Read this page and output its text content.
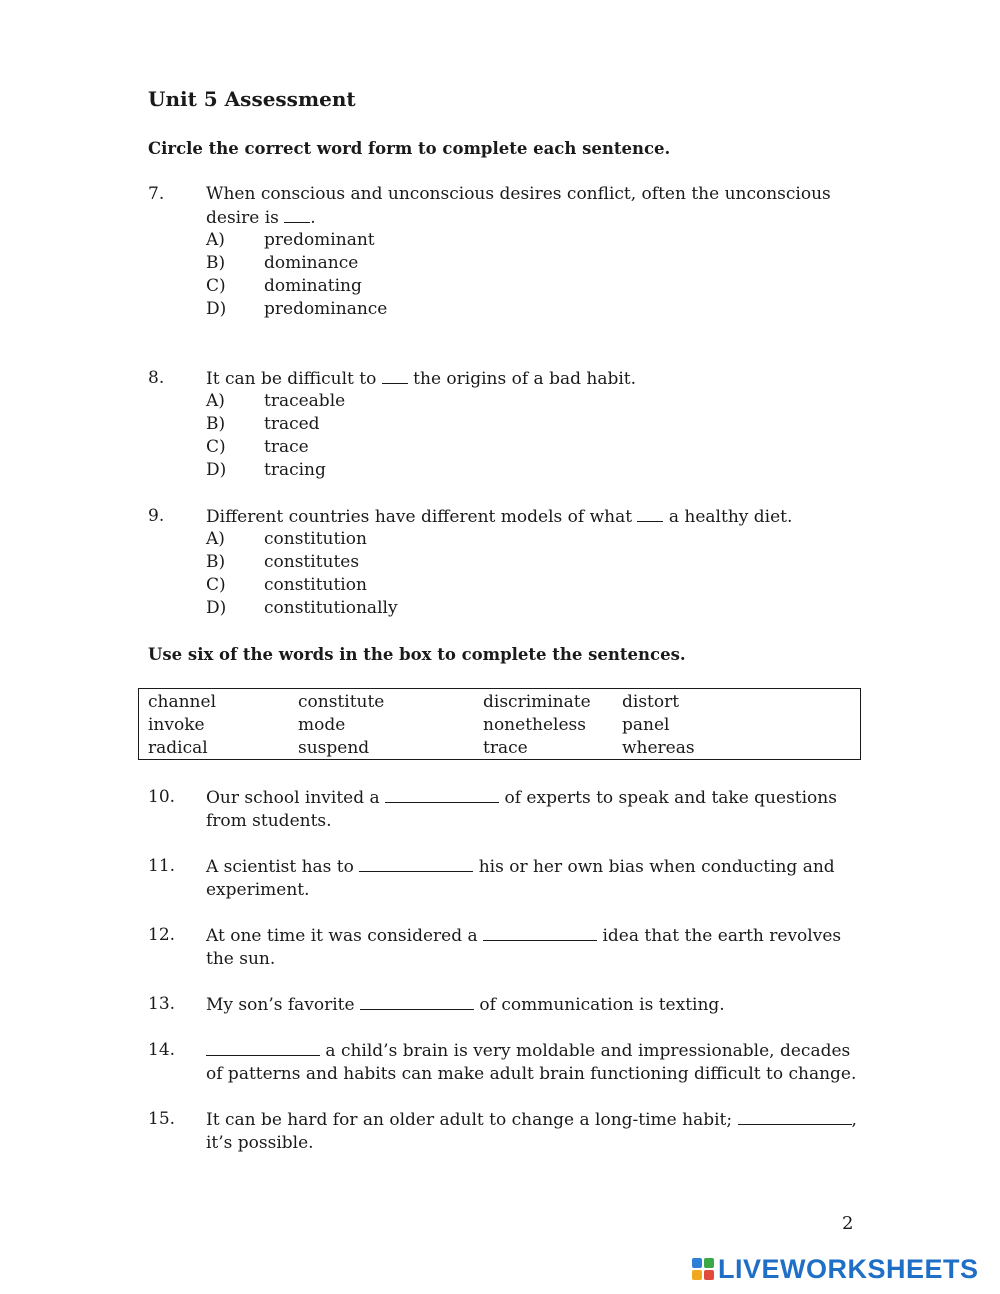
Unit 5 Assessment
Circle the correct word form to complete each sentence.
7. When conscious and unconscious desires conflict, often the unconscious
desire is .
A) predominant
B) dominance
C) dominating
D) predominance
8. It can be difficult to the origins of a bad habit.
A) traceable
B) traced
C) trace
D) tracing
9. Different countries have different models of what a healthy diet.
A) constitution
B) constitutes
C) constitution
D) constitutionally
Use six of the words in the box to complete the sentences.
channel	constitute	discriminate distort
invoke	mode	nonetheless panel
radical	suspend	trace	whereas
10. Our school invited a	of experts to speak and take questions from students.
11. A scientist has to	his or her own bias when conducting and experiment.
12. At one time it was considered a	idea that the earth revolves the sun.
13. My son’s favorite	of communication is texting.
14.	a child’s brain is very moldable and impressionable, decades of patterns and habits can make adult brain functioning difficult to change.
15. It can be hard for an older adult to change a long-time habit;	, it’s possible.
2
LIVEWORKSHEETS
